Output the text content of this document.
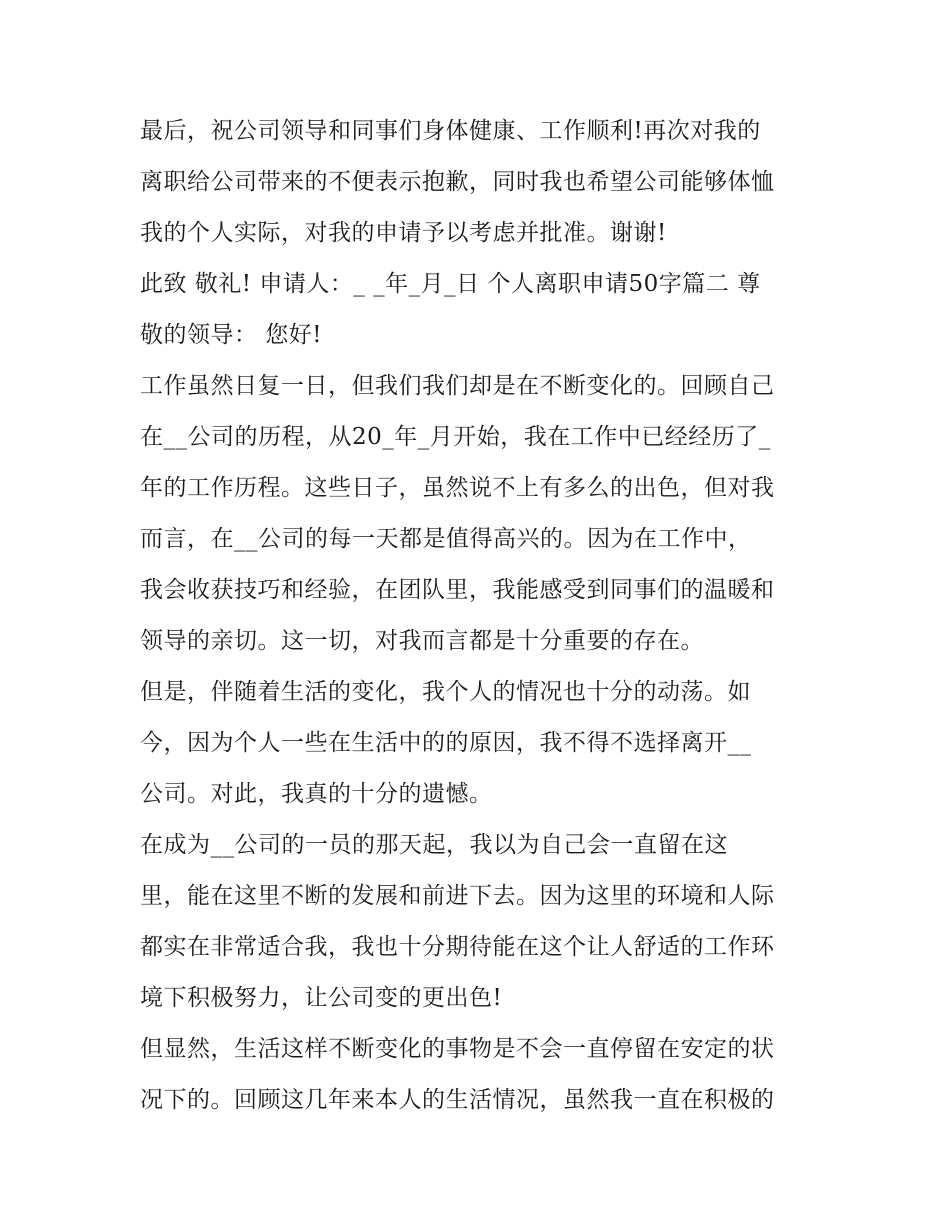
最后，祝公司领导和同事们身体健康、工作顺利!再次对我的
离职给公司带来的不便表示抱歉，同时我也希望公司能够体恤
我的个人实际，对我的申请予以考虑并批准。谢谢!
此致 敬礼! 申请人：_ _年_月_日 个人离职申请50字篇二 尊
敬的领导： 您好!
工作虽然日复一日，但我们我们却是在不断变化的。回顾自己
在__公司的历程，从20_年_月开始，我在工作中已经经历了_
年的工作历程。这些日子，虽然说不上有多么的出色，但对我
而言，在__公司的每一天都是值得高兴的。因为在工作中，
我会收获技巧和经验，在团队里，我能感受到同事们的温暖和
领导的亲切。这一切，对我而言都是十分重要的存在。
但是，伴随着生活的变化，我个人的情况也十分的动荡。如
今，因为个人一些在生活中的的原因，我不得不选择离开__
公司。对此，我真的十分的遗憾。
在成为__公司的一员的那天起，我以为自己会一直留在这
里，能在这里不断的发展和前进下去。因为这里的环境和人际
都实在非常适合我，我也十分期待能在这个让人舒适的工作环
境下积极努力，让公司变的更出色!
但显然，生活这样不断变化的事物是不会一直停留在安定的状
况下的。回顾这几年来本人的生活情况，虽然我一直在积极的
